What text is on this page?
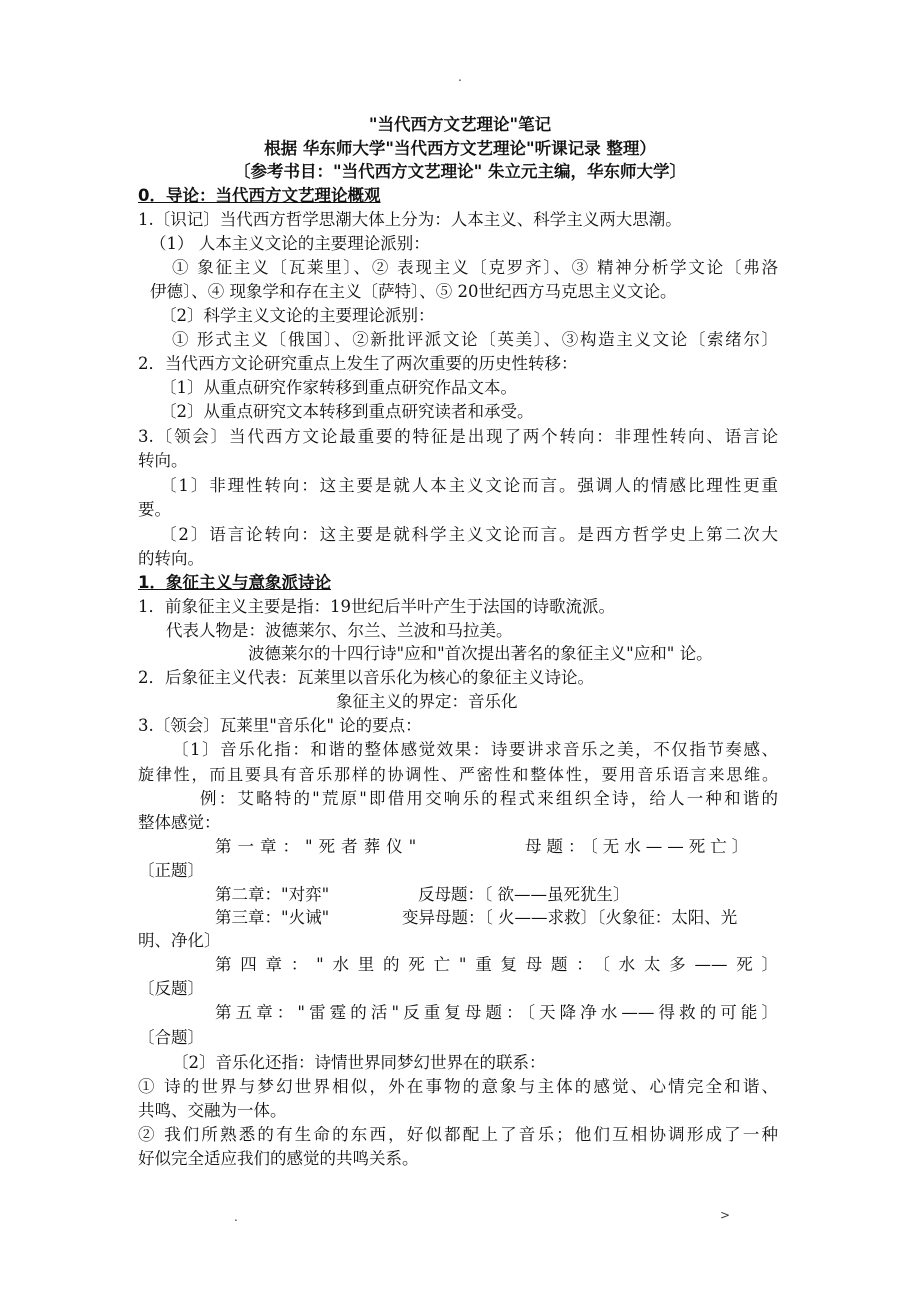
.
"当代西方文艺理论"笔记
根据 华东师大学"当代西方文艺理论"听课记录 整理）
〔参考书目："当代西方文艺理论" 朱立元主编，华东师大学〕
0．导论：当代西方文艺理论概观
1.〔识记〕当代西方哲学思潮大体上分为：人本主义、科学主义两大思潮。
（1） 人本主义文论的主要理论派别：
① 象征主义〔瓦莱里〕、② 表现主义〔克罗齐〕、③ 精神分析学文论〔弗洛
伊德〕、④ 现象学和存在主义〔萨特〕、⑤ 20世纪西方马克思主义文论。
〔2〕科学主义文论的主要理论派别：
① 形式主义〔俄国〕、②新批评派文论〔英美〕、③构造主义文论〔索绪尔〕
2．当代西方文论研究重点上发生了两次重要的历史性转移：
〔1〕从重点研究作家转移到重点研究作品文本。
〔2〕从重点研究文本转移到重点研究读者和承受。
3.〔领会〕当代西方文论最重要的特征是出现了两个转向：非理性转向、语言论
转向。
〔1〕非理性转向：这主要是就人本主义文论而言。强调人的情感比理性更重
要。
〔2〕语言论转向：这主要是就科学主义文论而言。是西方哲学史上第二次大
的转向。
1．象征主义与意象派诗论
1．前象征主义主要是指：19世纪后半叶产生于法国的诗歌流派。
代表人物是：波德莱尔、尔兰、兰波和马拉美。
波德莱尔的十四行诗"应和"首次提出著名的象征主义"应和" 论。
2．后象征主义代表：瓦莱里以音乐化为核心的象征主义诗论。
象征主义的界定：音乐化
3.〔领会〕瓦莱里"音乐化" 论的要点：
〔1〕音乐化指：和谐的整体感觉效果：诗要讲求音乐之美，不仅指节奏感、
旋律性，而且要具有音乐那样的协调性、严密性和整体性，要用音乐语言来思维。
例：艾略特的"荒原"即借用交响乐的程式来组织全诗，给人一种和谐的
整体感觉：
第一章："死者葬仪"	母题：〔无水——死亡〕
〔正题〕
第二章："对弈"	反母题：〔 欲——虽死犹生〕
第三章："火诫"	变异母题：〔 火——求救〕〔火象征：太阳、光
明、净化〕
第四章："水里的死亡"重复母题：〔水太多——死〕
〔反题〕
第五章："雷霆的活"反重复母题：〔天降净水——得救的可能〕
〔合题〕
〔2〕音乐化还指：诗情世界同梦幻世界在的联系：
① 诗的世界与梦幻世界相似，外在事物的意象与主体的感觉、心情完全和谐、
共鸣、交融为一体。
② 我们所熟悉的有生命的东西，好似都配上了音乐；他们互相协调形成了一种
好似完全适应我们的感觉的共鸣关系。
.	>
